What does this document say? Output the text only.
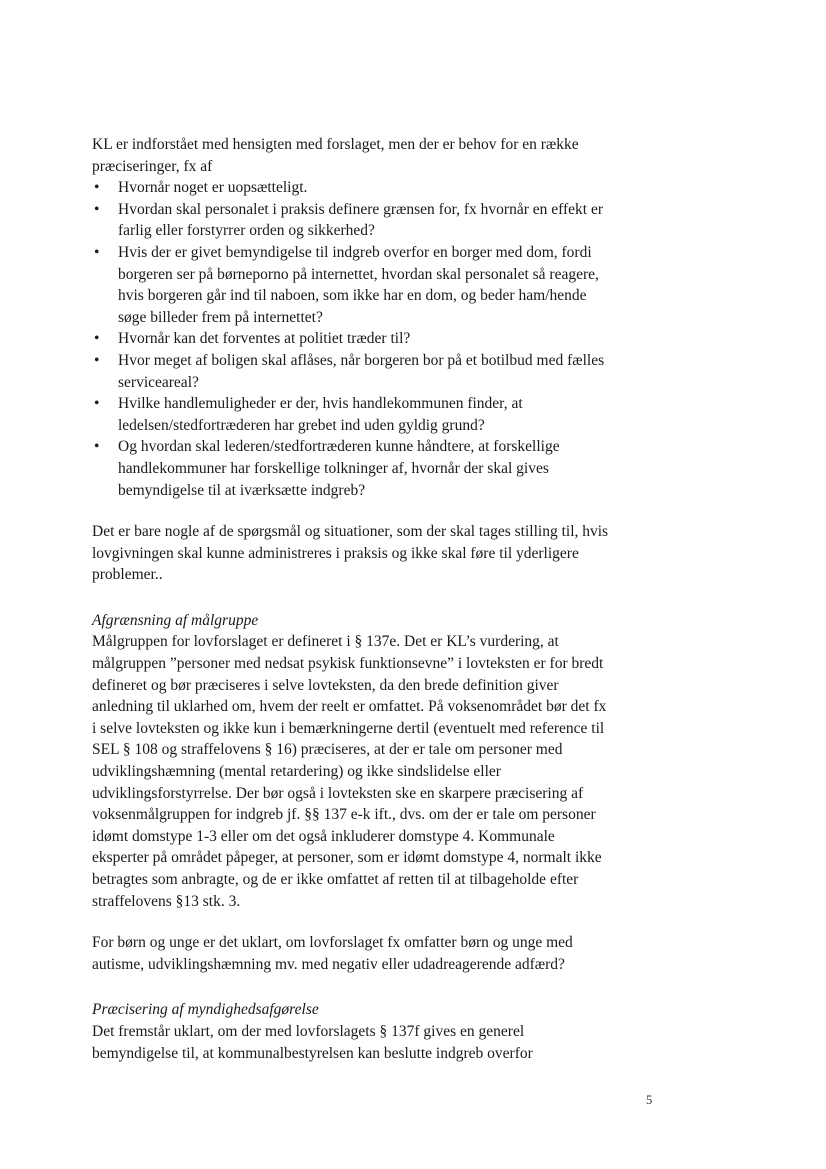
KL er indforstået med hensigten med forslaget, men der er behov for en række præciseringer, fx af

• Hvornår noget er uopsætteligt.
• Hvordan skal personalet i praksis definere grænsen for, fx hvornår en effekt er farlig eller forstyrrer orden og sikkerhed?
• Hvis der er givet bemyndigelse til indgreb overfor en borger med dom, fordi borgeren ser på børneporno på internettet, hvordan skal personalet så reagere, hvis borgeren går ind til naboen, som ikke har en dom, og beder ham/hende søge billeder frem på internettet?
• Hvornår kan det forventes at politiet træder til?
• Hvor meget af boligen skal aflåses, når borgeren bor på et botilbud med fælles serviceareal?
• Hvilke handlemuligheder er der, hvis handlekommunen finder, at ledelsen/stedfortræderen har grebet ind uden gyldig grund?
• Og hvordan skal lederen/stedfortræderen kunne håndtere, at forskellige handlekommuner har forskellige tolkninger af, hvornår der skal gives bemyndigelse til at iværksætte indgreb?

Det er bare nogle af de spørgsmål og situationer, som der skal tages stilling til, hvis lovgivningen skal kunne administreres i praksis og ikke skal føre til yderligere problemer..

Afgrænsning af målgruppe

Målgruppen for lovforslaget er defineret i § 137e. Det er KL’s vurdering, at målgruppen ”personer med nedsat psykisk funktionsevne” i lovteksten er for bredt defineret og bør præciseres i selve lovteksten, da den brede definition giver anledning til uklarhed om, hvem der reelt er omfattet. På voksenområdet bør det fx i selve lovteksten og ikke kun i bemærkningerne dertil (eventuelt med reference til SEL § 108 og straffelovens § 16) præciseres, at der er tale om personer med udviklingshæmning (mental retardering) og ikke sindslidelse eller udviklingsforstyrrelse. Der bør også i lovteksten ske en skarpere præcisering af voksenmålgruppen for indgreb jf. §§ 137 e-k ift., dvs. om der er tale om personer idømt domstype 1-3 eller om det også inkluderer domstype 4. Kommunale eksperter på området påpeger, at personer, som er idømt domstype 4, normalt ikke betragtes som anbragte, og de er ikke omfattet af retten til at tilbageholde efter straffelovens §13 stk. 3.

For børn og unge er det uklart, om lovforslaget fx omfatter børn og unge med autisme, udviklingshæmning mv. med negativ eller udadreagerende adfærd?

Præcisering af myndighedsafgørelse

Det fremstår uklart, om der med lovforslagets § 137f gives en generel bemyndigelse til, at kommunalbestyrelsen kan beslutte indgreb overfor

5
